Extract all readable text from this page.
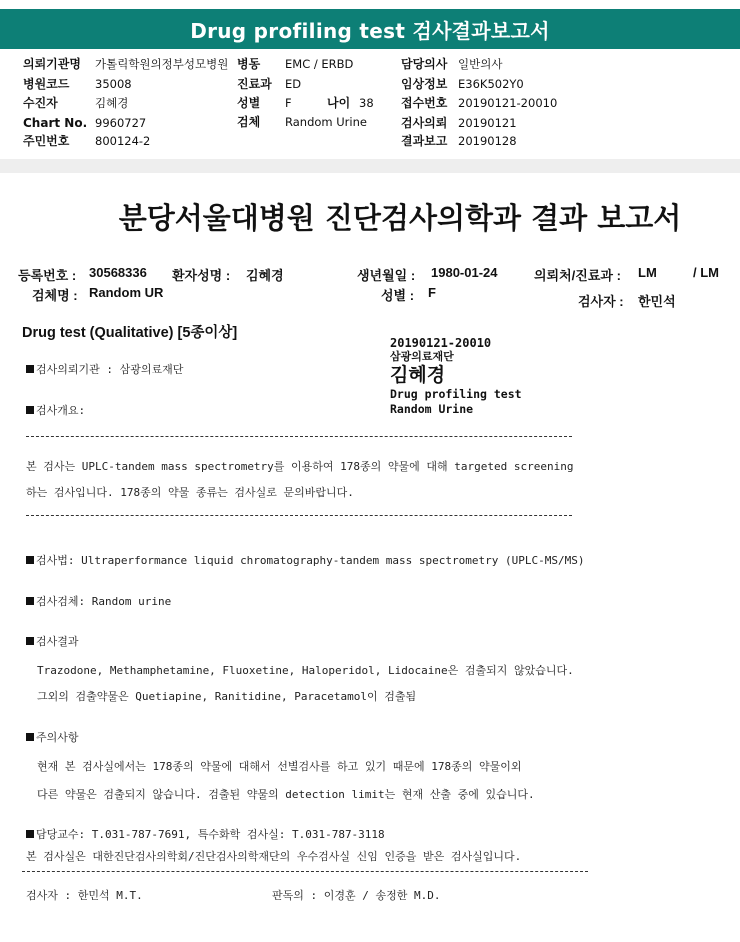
Drug profiling test 검사결과보고서
의뢰기관명 가톨릭학원의정부성모병원 병동 EMC / ERBD	담당의사 일반의사
병원코드 35008	진료과 ED	임상정보 E36K502Y0
수진자	김혜경	성별 F	나이 38 접수번호 20190121-20010
Chart No. 9960727	검체 Random Urine	검사의뢰 20190121
주민번호 800124-2	결과보고 20190128
분당서울대병원 진단검사의학과 결과 보고서
등록번호 : 30568336 환자성명 : 김혜경	생년월일 : 1980-01-24	의뢰처/진료과 : LM	/ LM
검체명 : Random UR	성별 : F
검사자 : 한민석
Drug test (Qualitative) [5종이상]
20190121-20010
삼광의료재단
김혜경
Drug profiling test
Random Urine
검사의뢰기관 : 삼광의료재단
검사개요:
본 검사는 UPLC-tandem mass spectrometry를 이용하여 178종의 약물에 대해 targeted screening
하는 검사입니다. 178종의 약물 종류는 검사실로 문의바랍니다.
검사법: Ultraperformance liquid chromatography-tandem mass spectrometry (UPLC-MS/MS)
검사검체: Random urine
검사결과
Trazodone, Methamphetamine, Fluoxetine, Haloperidol, Lidocaine은 검출되지 않았습니다.
그외의 검출약물은 Quetiapine, Ranitidine, Paracetamol이 검출됨
주의사항
현재 본 검사실에서는 178종의 약물에 대해서 선별검사를 하고 있기 때문에 178종의 약물이외
다른 약물은 검출되지 않습니다. 검출된 약물의 detection limit는 현재 산출 중에 있습니다.
담당교수: T.031-787-7691, 특수화학 검사실: T.031-787-3118
본 검사실은 대한진단검사의학회/진단검사의학재단의 우수검사실 신임 인증을 받은 검사실입니다.
검사자 : 한민석 M.T.	판독의 : 이경훈 / 송정한 M.D.
